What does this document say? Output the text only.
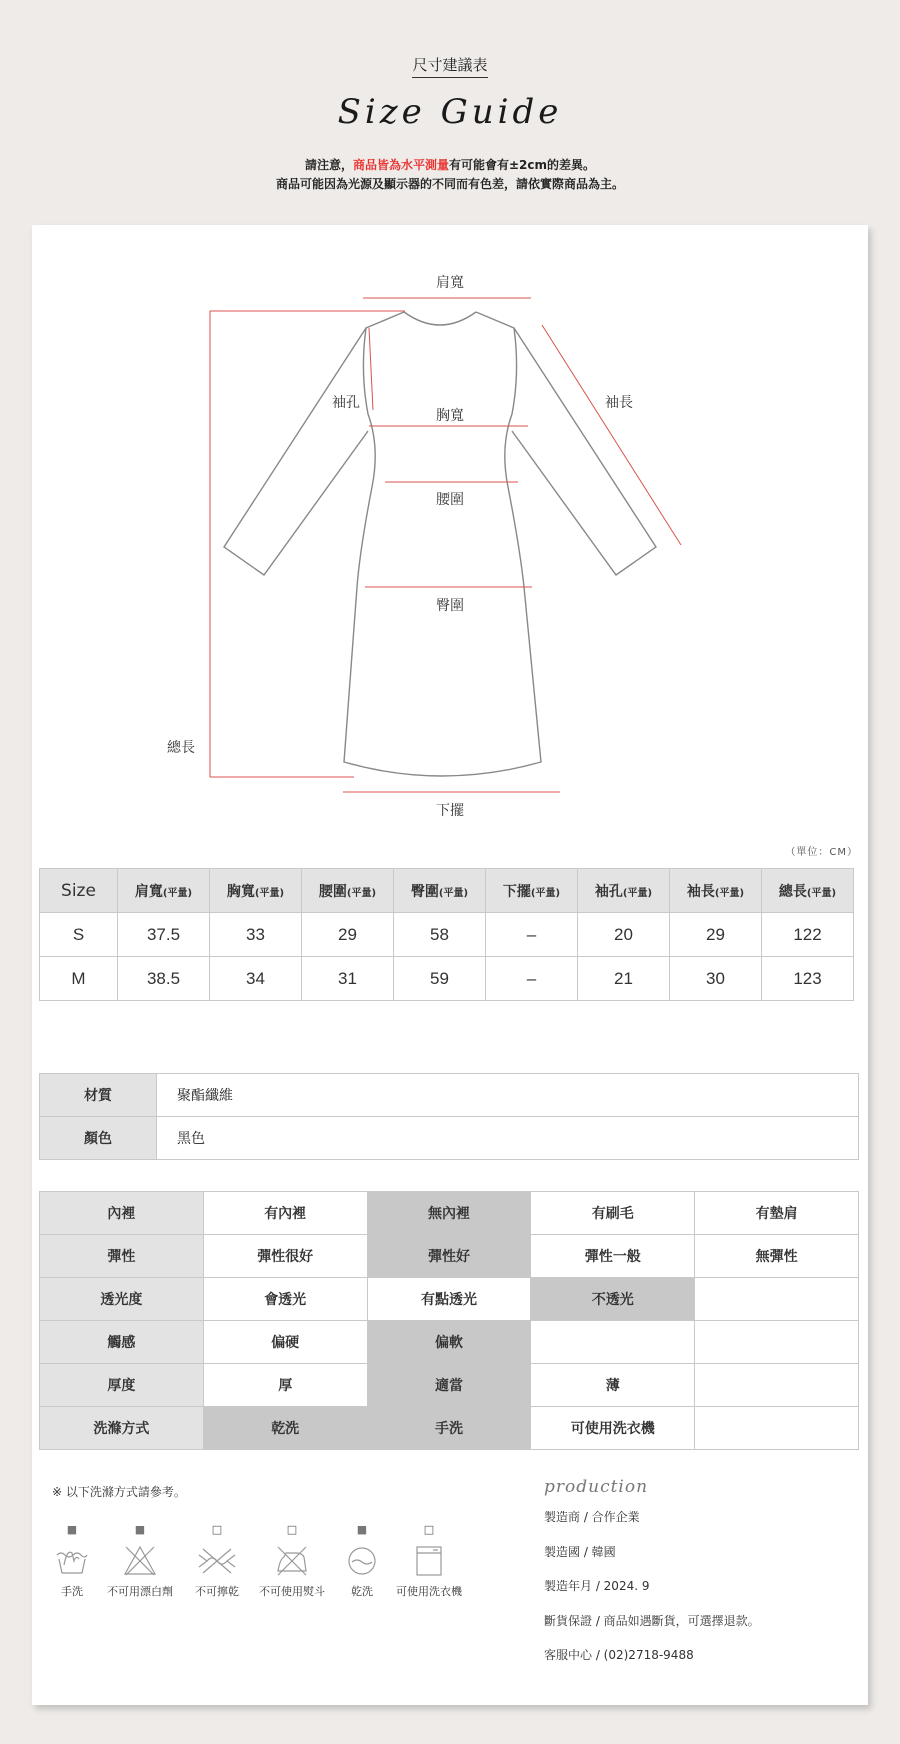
尺寸建議表
Size Guide
請注意，商品皆為水平測量有可能會有±2cm的差異。
商品可能因為光源及顯示器的不同而有色差，請依實際商品為主。
肩寬
袖孔
胸寬
袖長
腰圍
臀圍
總長
下擺
（單位：CM）
Size	肩寬(平量)	胸寬(平量)	腰圍(平量)	臀圍(平量)	下擺(平量)	袖孔(平量)	袖長(平量)	總長(平量)
S	37.5	33	29	58	–	20	29	122
M	38.5	34	31	59	–	21	30	123
材質	聚酯纖維
顏色	黑色
內裡	有內裡	無內裡	有刷毛	有墊肩
彈性	彈性很好	彈性好	彈性一般	無彈性
透光度	會透光	有點透光	不透光	
觸感	偏硬	偏軟		
厚度	厚	適當	薄	
洗滌方式	乾洗	手洗	可使用洗衣機	
※ 以下洗滌方式請參考。
■
手洗
■
不可用漂白劑
□
不可擰乾
□
不可使用熨斗
■
乾洗
□
可使用洗衣機
production
製造商 / 合作企業
製造國 / 韓國
製造年月 / 2024. 9
斷貨保證 / 商品如遇斷貨，可選擇退款。
客服中心 / (02)2718-9488
